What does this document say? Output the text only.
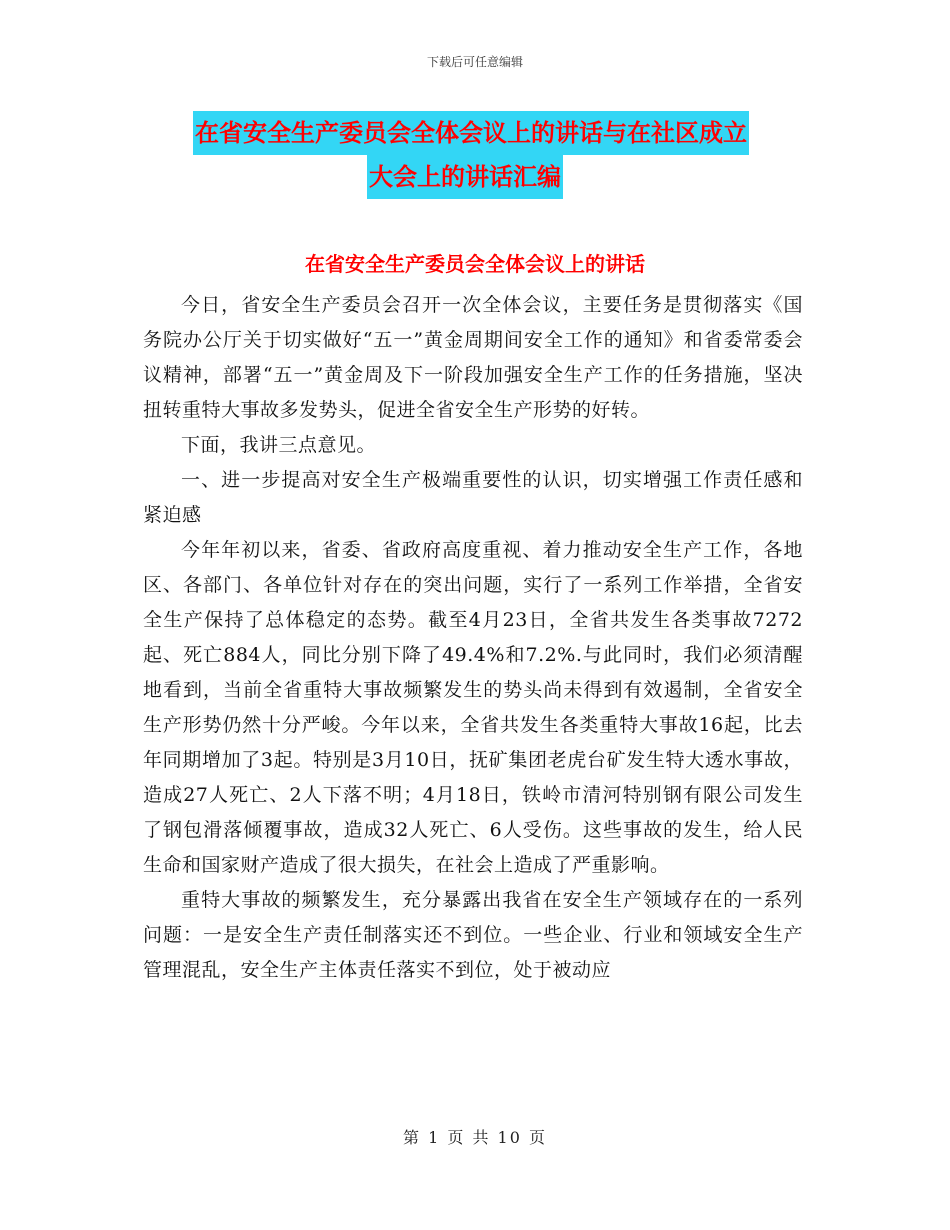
下载后可任意编辑
在省安全生产委员会全体会议上的讲话与在社区成立
大会上的讲话汇编
在省安全生产委员会全体会议上的讲话

今日，省安全生产委员会召开一次全体会议，主要任务是贯彻落实《国务院办公厅关于切实做好“五一”黄金周期间安全工作的通知》和省委常委会议精神，部署“五一”黄金周及下一阶段加强安全生产工作的任务措施，坚决扭转重特大事故多发势头，促进全省安全生产形势的好转。

下面，我讲三点意见。

一、进一步提高对安全生产极端重要性的认识，切实增强工作责任感和紧迫感

今年年初以来，省委、省政府高度重视、着力推动安全生产工作，各地区、各部门、各单位针对存在的突出问题，实行了一系列工作举措，全省安全生产保持了总体稳定的态势。截至4月23日，全省共发生各类事故7272起、死亡884人，同比分别下降了49.4%和7.2%.与此同时，我们必须清醒地看到，当前全省重特大事故频繁发生的势头尚未得到有效遏制，全省安全生产形势仍然十分严峻。今年以来，全省共发生各类重特大事故16起，比去年同期增加了3起。特别是3月10日，抚矿集团老虎台矿发生特大透水事故，造成27人死亡、2人下落不明；4月18日，铁岭市清河特别钢有限公司发生了钢包滑落倾覆事故，造成32人死亡、6人受伤。这些事故的发生，给人民生命和国家财产造成了很大损失，在社会上造成了严重影响。

重特大事故的频繁发生，充分暴露出我省在安全生产领域存在的一系列问题：一是安全生产责任制落实还不到位。一些企业、行业和领域安全生产管理混乱，安全生产主体责任落实不到位，处于被动应

第 1 页 共 10 页
